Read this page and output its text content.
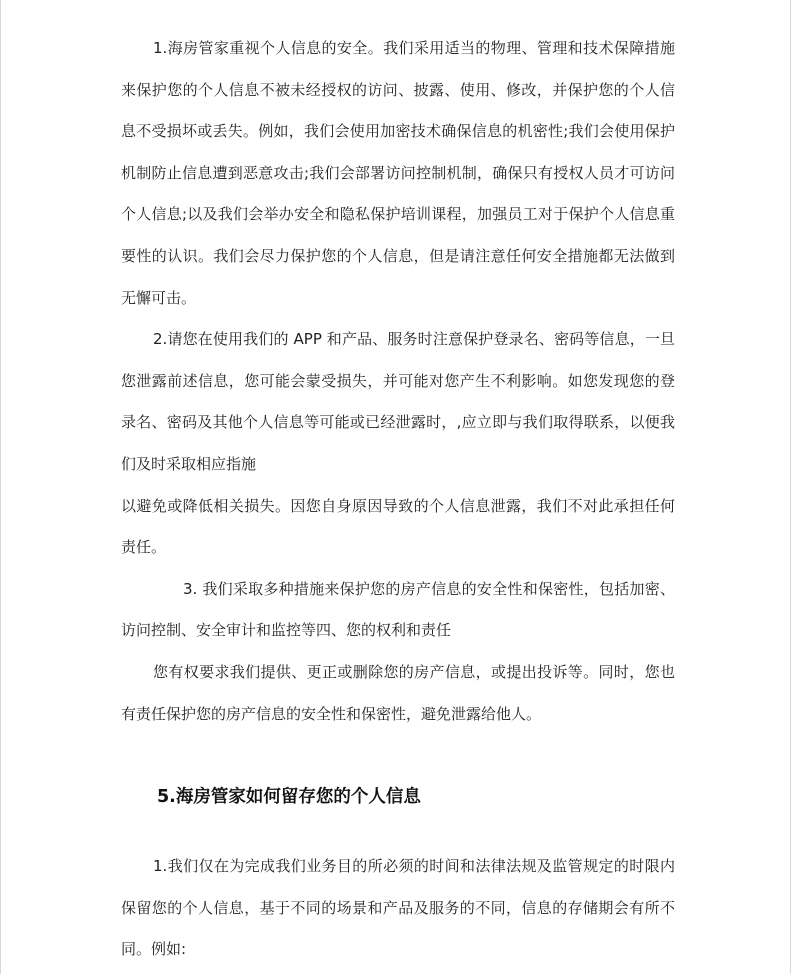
1.海房管家重视个人信息的安全。我们采用适当的物理、管理和技术保障措施来保护您的个人信息不被未经授权的访问、披露、使用、修改，并保护您的个人信息不受损坏或丢失。例如，我们会使用加密技术确保信息的机密性;我们会使用保护机制防止信息遭到恶意攻击;我们会部署访问控制机制，确保只有授权人员才可访问个人信息;以及我们会举办安全和隐私保护培训课程，加强员工对于保护个人信息重要性的认识。我们会尽力保护您的个人信息，但是请注意任何安全措施都无法做到无懈可击。

2.请您在使用我们的 APP 和产品、服务时注意保护登录名、密码等信息，一旦您泄露前述信息，您可能会蒙受损失，并可能对您产生不利影响。如您发现您的登录名、密码及其他个人信息等可能或已经泄露时，,应立即与我们取得联系，以便我们及时采取相应指施

以避免或降低相关损失。因您自身原因导致的个人信息泄露，我们不对此承担任何责任。

3. 我们采取多种措施来保护您的房产信息的安全性和保密性，包括加密、访问控制、安全审计和监控等四、您的权利和责任

您有权要求我们提供、更正或删除您的房产信息，或提出投诉等。同时，您也有责任保护您的房产信息的安全性和保密性，避免泄露给他人。

5.海房管家如何留存您的个人信息

1.我们仅在为完成我们业务目的所必须的时间和法律法规及监管规定的时限内保留您的个人信息，基于不同的场景和产品及服务的不同，信息的存储期会有所不同。例如:
